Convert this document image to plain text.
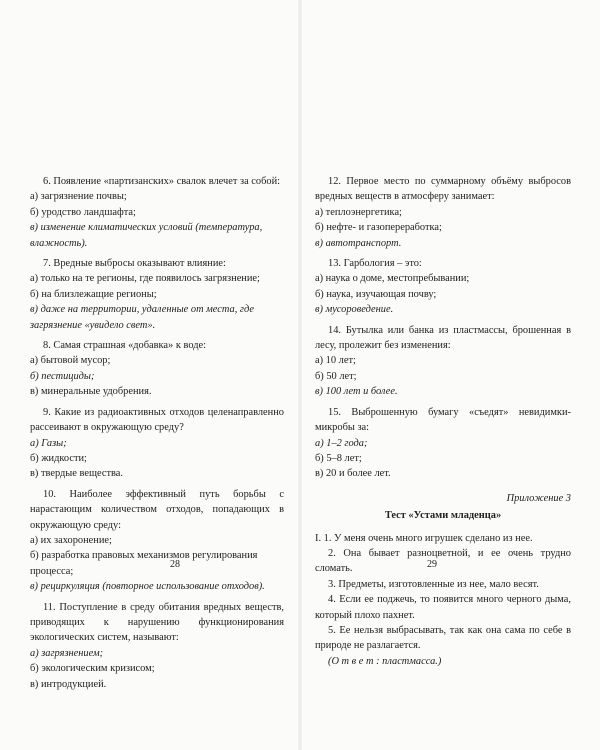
6. Появление «партизанских» свалок влечет за собой:

а) загрязнение почвы;

б) уродство ландшафта;

в) изменение климатических условий (температура, влажность).

7. Вредные выбросы оказывают влияние:

а) только на те регионы, где появилось загрязнение;

б) на близлежащие регионы;

в) даже на территории, удаленные от места, где загрязнение «увидело свет».

8. Самая страшная «добавка» к воде:

а) бытовой мусор;

б) пестициды;

в) минеральные удобрения.

9. Какие из радиоактивных отходов целенаправленно рассеивают в окружающую среду?

а) Газы;

б) жидкости;

в) твердые вещества.

10. Наиболее эффективный путь борьбы с нарастающим количеством отходов, попадающих в окружающую среду:

а) их захоронение;

б) разработка правовых механизмов регулирования процесса;

в) рециркуляция (повторное использование отходов).

11. Поступление в среду обитания вредных веществ, приводящих к нарушению функционирования экологических систем, называют:

а) загрязнением;

б) экологическим кризисом;

в) интродукцией.

28

12. Первое место по суммарному объёму выбросов вредных веществ в атмосферу занимает:

а) теплоэнергетика;

б) нефте- и газопереработка;

в) автотранспорт.

13. Гарбология – это:

а) наука о доме, местопребывании;

б) наука, изучающая почву;

в) мусороведение.

14. Бутылка или банка из пластмассы, брошенная в лесу, пролежит без изменения:

а) 10 лет;

б) 50 лет;

в) 100 лет и более.

15. Выброшенную бумагу «съедят» невидимки-микробы за:

а) 1–2 года;

б) 5–8 лет;

в) 20 и более лет.

Приложение 3

Тест «Устами младенца»

I. 1. У меня очень много игрушек сделано из нее.

2. Она бывает разноцветной, и ее очень трудно сломать.

3. Предметы, изготовленные из нее, мало весят.

4. Если ее поджечь, то появится много черного дыма, который плохо пахнет.

5. Ее нельзя выбрасывать, так как она сама по себе в природе не разлагается.

(О т в е т : пластмасса.)

29
